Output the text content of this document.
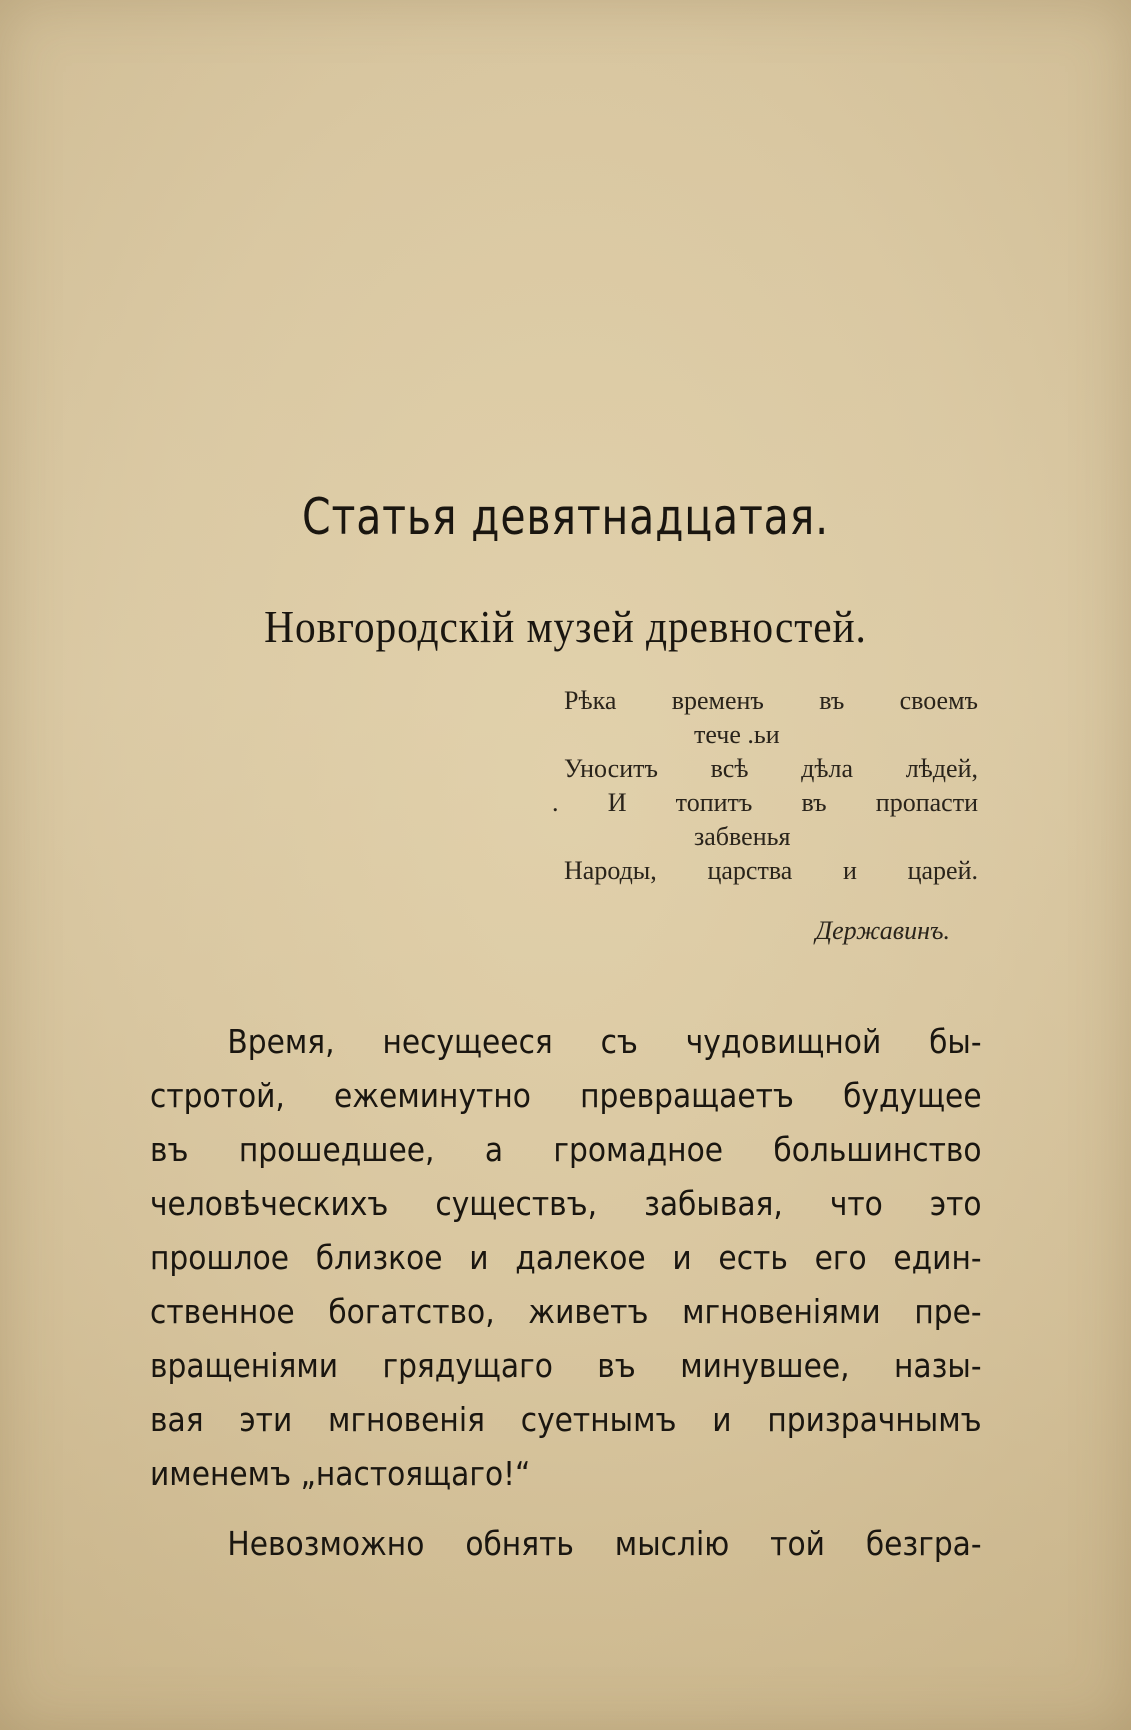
Статья девятнадцатая.
Новгородскій музей древностей.
Рѣка временъ въ своемъ
тече .ьи
Уноситъ всѣ дѣла лѣдей,
. И топитъ въ пропасти
забвенья
Народы, царства и царей.
Державинъ.
Время, несущееся съ чудовищной бы-
стротой, ежеминутно превращаетъ будущее
въ прошедшее, а громадное большинство
человѣческихъ существъ, забывая, что это
прошлое близкое и далекое и есть его един-
ственное богатство, живетъ мгновеніями пре-
вращеніями грядущаго въ минувшее, назы-
вая эти мгновенія суетнымъ и призрачнымъ
именемъ „настоящаго!“
Невозможно обнять мыслію той безгра-
